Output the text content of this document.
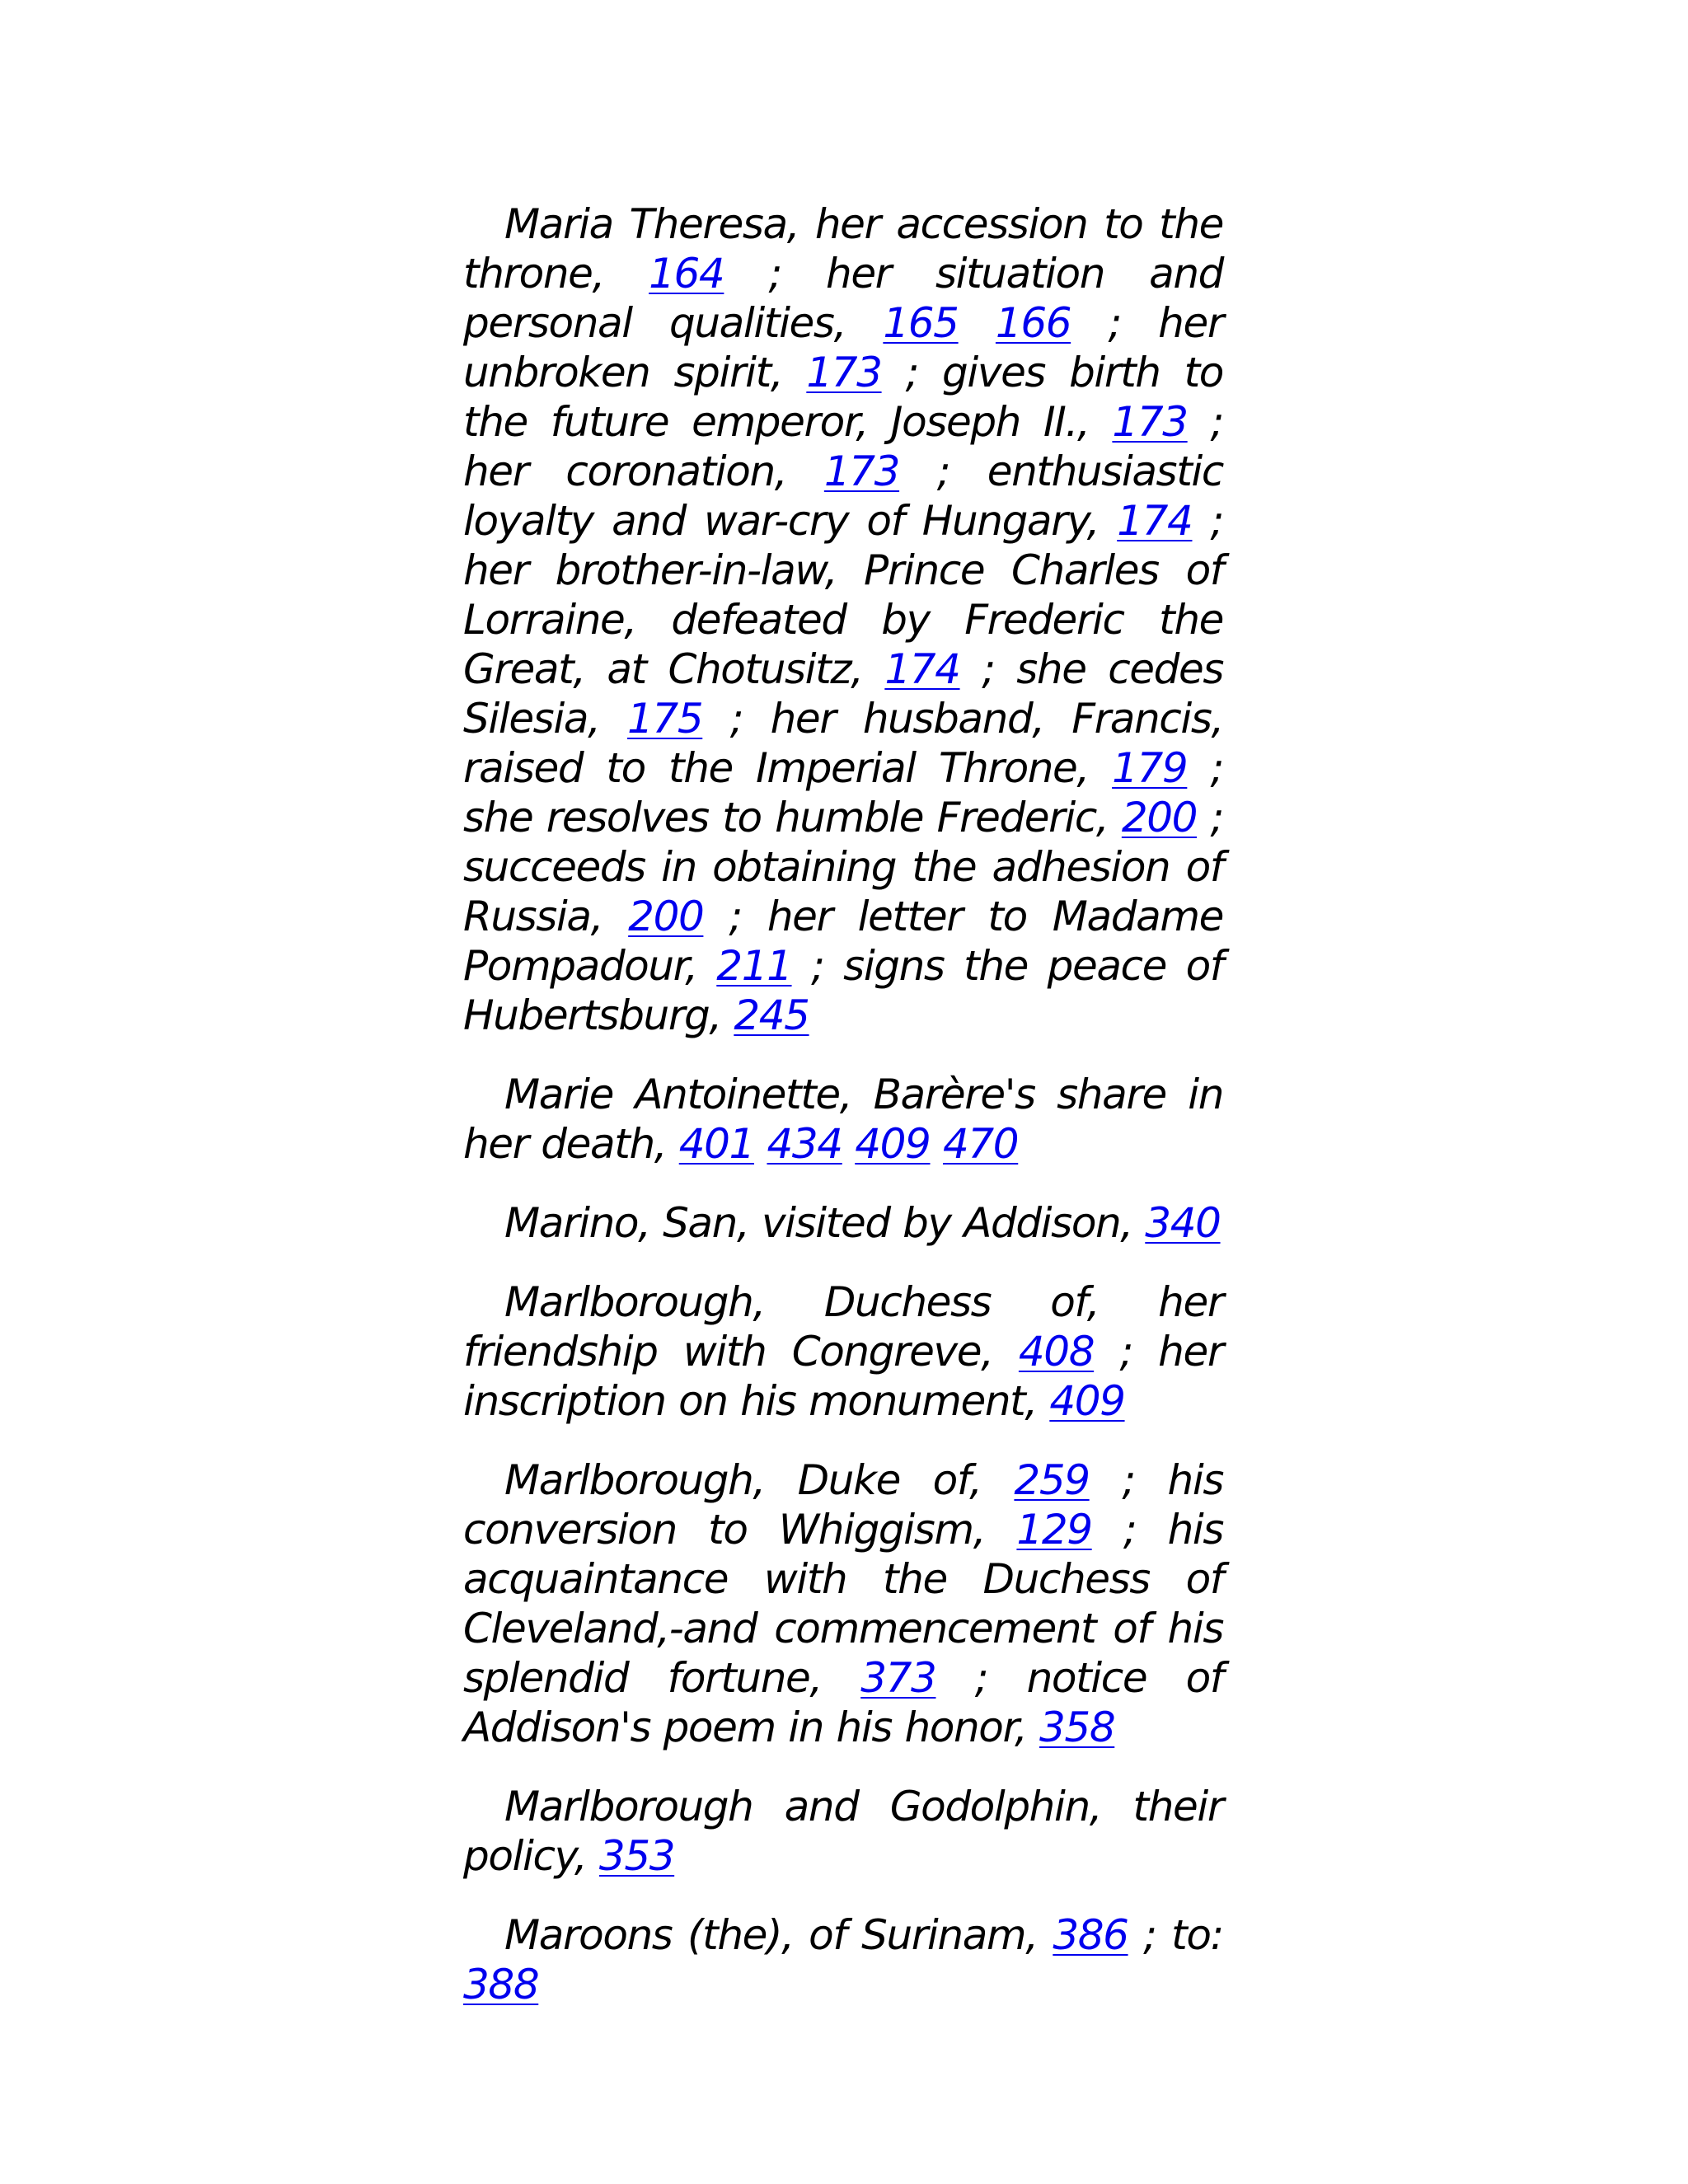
Maria Theresa, her accession to the throne, 164 ; her situation and personal qualities, 165 166 ; her unbroken spirit, 173 ; gives birth to the future emperor, Joseph II., 173 ; her coronation, 173 ; enthusiastic loyalty and war-cry of Hungary, 174 ; her brother-in-law, Prince Charles of Lorraine, defeated by Frederic the Great, at Chotusitz, 174 ; she cedes Silesia, 175 ; her husband, Francis, raised to the Imperial Throne, 179 ; she resolves to humble Frederic, 200 ; succeeds in obtaining the adhesion of Russia, 200 ; her letter to Madame Pompadour, 211 ; signs the peace of Hubertsburg, 245

Marie Antoinette, Barère's share in her death, 401 434 409 470

Marino, San, visited by Addison, 340

Marlborough, Duchess of, her friendship with Congreve, 408 ; her inscription on his monument, 409

Marlborough, Duke of, 259 ; his conversion to Whiggism, 129 ; his acquaintance with the Duchess of Cleveland,-and commencement of his splendid fortune, 373 ; notice of Addison's poem in his honor, 358

Marlborough and Godolphin, their policy, 353

Maroons (the), of Surinam, 386 ; to: 388
